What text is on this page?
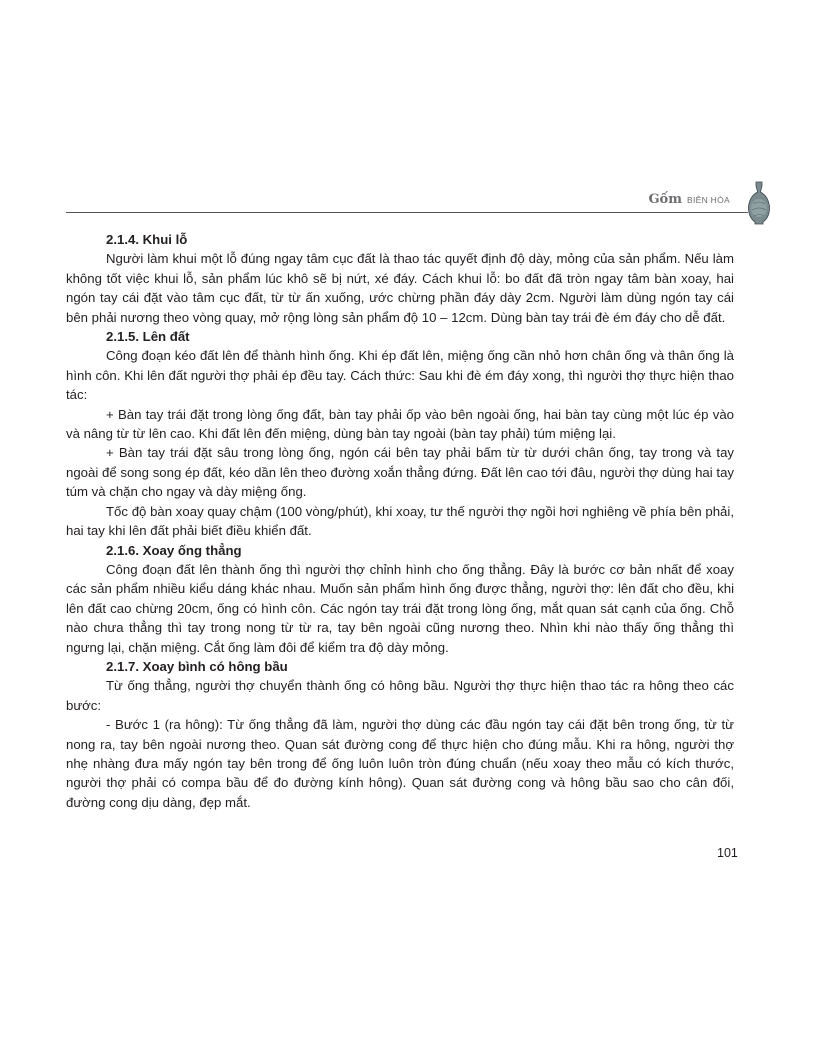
Gốm BIÊN HÒA
2.1.4. Khui lỗ

Người làm khui một lỗ đúng ngay tâm cục đất là thao tác quyết định độ dày, mỏng của sản phẩm. Nếu làm không tốt việc khui lỗ, sản phẩm lúc khô sẽ bị nứt, xé đáy. Cách khui lỗ: bo đất đã tròn ngay tâm bàn xoay, hai ngón tay cái đặt vào tâm cục đất, từ từ ấn xuống, ước chừng phần đáy dày 2cm. Người làm dùng ngón tay cái bên phải nương theo vòng quay, mở rộng lòng sản phẩm độ 10 – 12cm. Dùng bàn tay trái đè ém đáy cho dễ đất.

2.1.5. Lên đất

Công đoạn kéo đất lên để thành hình ống. Khi ép đất lên, miệng ống cần nhỏ hơn chân ống và thân ống là hình côn. Khi lên đất người thợ phải ép đều tay. Cách thức: Sau khi đè ém đáy xong, thì người thợ thực hiện thao tác:

+ Bàn tay trái đặt trong lòng ống đất, bàn tay phải ốp vào bên ngoài ống, hai bàn tay cùng một lúc ép vào và nâng từ từ lên cao. Khi đất lên đến miệng, dùng bàn tay ngoài (bàn tay phải) túm miệng lại.

+ Bàn tay trái đặt sâu trong lòng ống, ngón cái bên tay phải bấm từ từ dưới chân ống, tay trong và tay ngoài để song song ép đất, kéo dần lên theo đường xoắn thẳng đứng. Đất lên cao tới đâu, người thợ dùng hai tay túm và chặn cho ngay và dày miệng ống.

Tốc độ bàn xoay quay chậm (100 vòng/phút), khi xoay, tư thế người thợ ngồi hơi nghiêng về phía bên phải, hai tay khi lên đất phải biết điều khiển đất.

2.1.6. Xoay ống thẳng

Công đoạn đất lên thành ống thì người thợ chỉnh hình cho ống thẳng. Đây là bước cơ bản nhất để xoay các sản phẩm nhiều kiểu dáng khác nhau. Muốn sản phẩm hình ống được thẳng, người thợ: lên đất cho đều, khi lên đất cao chừng 20cm, ống có hình côn. Các ngón tay trái đặt trong lòng ống, mắt quan sát cạnh của ống. Chỗ nào chưa thẳng thì tay trong nong từ từ ra, tay bên ngoài cũng nương theo. Nhìn khi nào thấy ống thẳng thì ngưng lại, chặn miệng. Cắt ống làm đôi để kiểm tra độ dày mỏng.

2.1.7. Xoay bình có hông bầu

Từ ống thẳng, người thợ chuyển thành ống có hông bầu. Người thợ thực hiện thao tác ra hông theo các bước:

- Bước 1 (ra hông): Từ ống thẳng đã làm, người thợ dùng các đầu ngón tay cái đặt bên trong ống, từ từ nong ra, tay bên ngoài nương theo. Quan sát đường cong để thực hiện cho đúng mẫu. Khi ra hông, người thợ nhẹ nhàng đưa mấy ngón tay bên trong để ống luôn luôn tròn đúng chuẩn (nếu xoay theo mẫu có kích thước, người thợ phải có compa bầu để đo đường kính hông). Quan sát đường cong và hông bầu sao cho cân đối, đường cong dịu dàng, đẹp mắt.

101
